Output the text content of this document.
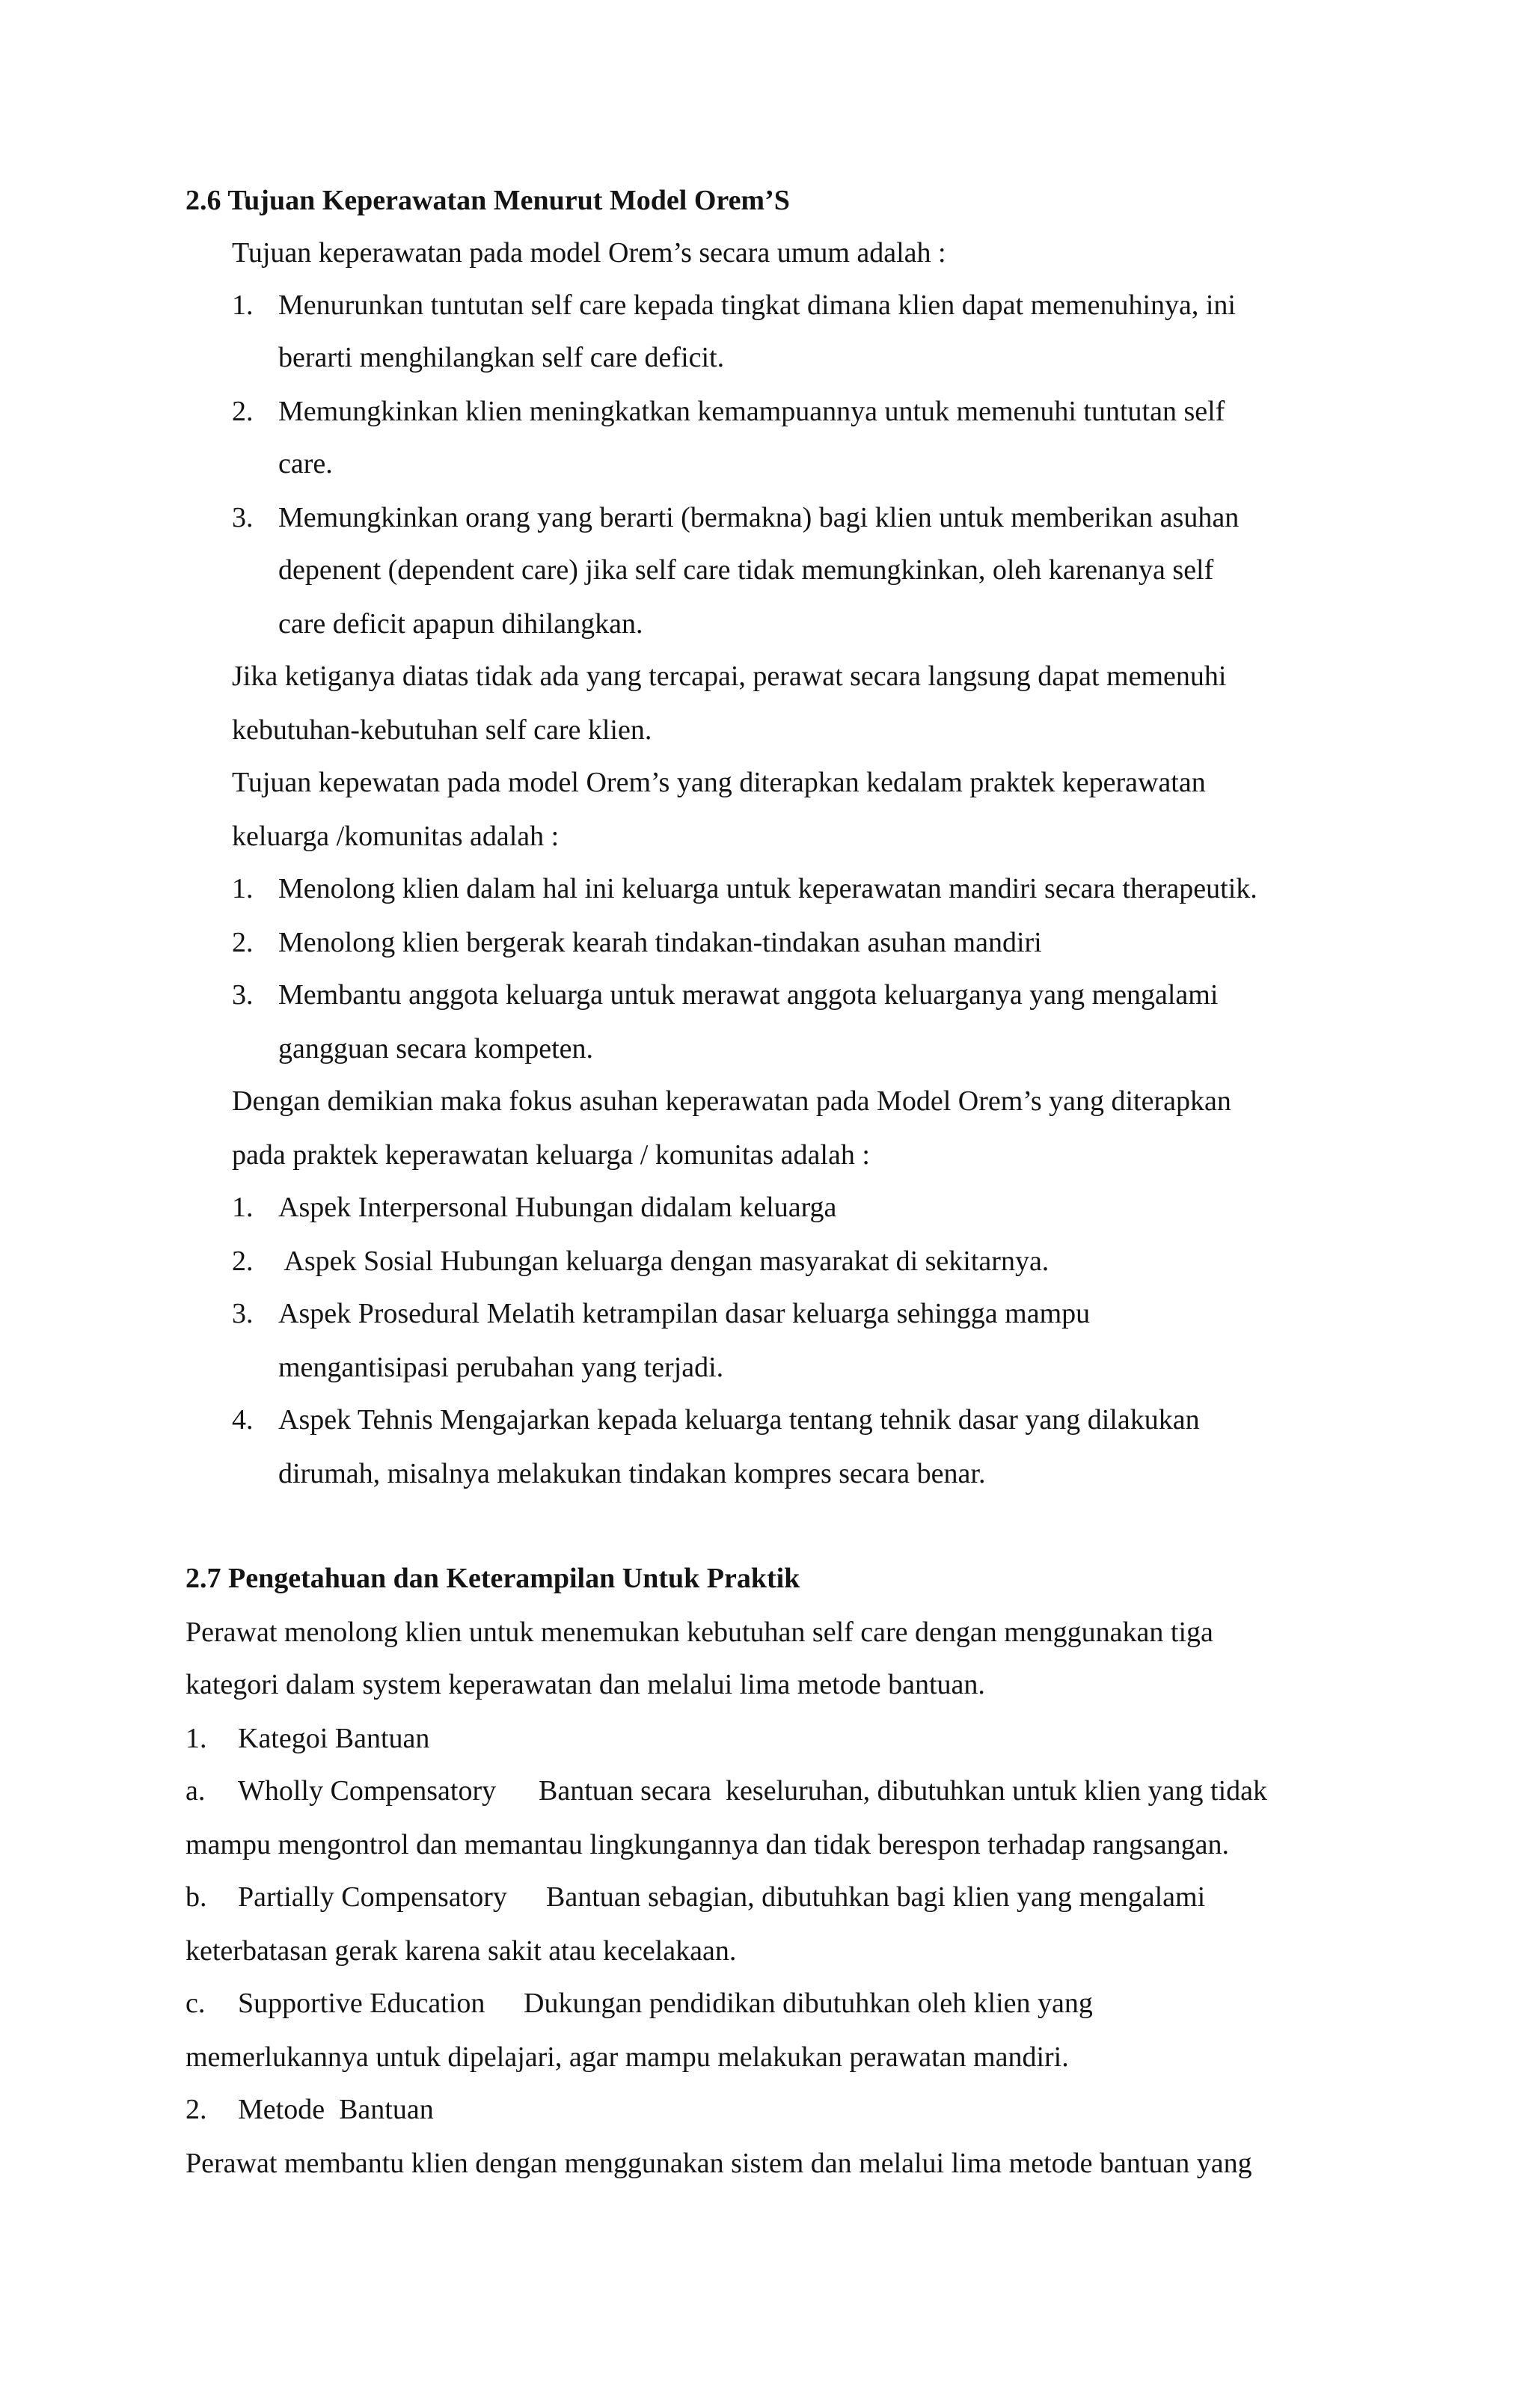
2.6 Tujuan Keperawatan Menurut Model Orem’S
Tujuan keperawatan pada model Orem’s secara umum adalah :
1. Menurunkan tuntutan self care kepada tingkat dimana klien dapat memenuhinya, ini
berarti menghilangkan self care deficit.
2. Memungkinkan klien meningkatkan kemampuannya untuk memenuhi tuntutan self
care.
3. Memungkinkan orang yang berarti (bermakna) bagi klien untuk memberikan asuhan
depenent (dependent care) jika self care tidak memungkinkan, oleh karenanya self
care deficit apapun dihilangkan.
Jika ketiganya diatas tidak ada yang tercapai, perawat secara langsung dapat memenuhi
kebutuhan-kebutuhan self care klien.
Tujuan kepewatan pada model Orem’s yang diterapkan kedalam praktek keperawatan
keluarga /komunitas adalah :
1. Menolong klien dalam hal ini keluarga untuk keperawatan mandiri secara therapeutik.
2. Menolong klien bergerak kearah tindakan-tindakan asuhan mandiri
3. Membantu anggota keluarga untuk merawat anggota keluarganya yang mengalami
gangguan secara kompeten.
Dengan demikian maka fokus asuhan keperawatan pada Model Orem’s yang diterapkan
pada praktek keperawatan keluarga / komunitas adalah :
1. Aspek Interpersonal Hubungan didalam keluarga
2. Aspek Sosial Hubungan keluarga dengan masyarakat di sekitarnya.
3. Aspek Prosedural Melatih ketrampilan dasar keluarga sehingga mampu
mengantisipasi perubahan yang terjadi.
4. Aspek Tehnis Mengajarkan kepada keluarga tentang tehnik dasar yang dilakukan
dirumah, misalnya melakukan tindakan kompres secara benar.
2.7 Pengetahuan dan Keterampilan Untuk Praktik
Perawat menolong klien untuk menemukan kebutuhan self care dengan menggunakan tiga
kategori dalam system keperawatan dan melalui lima metode bantuan.
1. Kategoi Bantuan
a. Wholly Compensatory Bantuan secara  keseluruhan, dibutuhkan untuk klien yang tidak
mampu mengontrol dan memantau lingkungannya dan tidak berespon terhadap rangsangan.
b. Partially Compensatory Bantuan sebagian, dibutuhkan bagi klien yang mengalami
keterbatasan gerak karena sakit atau kecelakaan.
c. Supportive Education Dukungan pendidikan dibutuhkan oleh klien yang
memerlukannya untuk dipelajari, agar mampu melakukan perawatan mandiri.
2. Metode  Bantuan
Perawat membantu klien dengan menggunakan sistem dan melalui lima metode bantuan yang
